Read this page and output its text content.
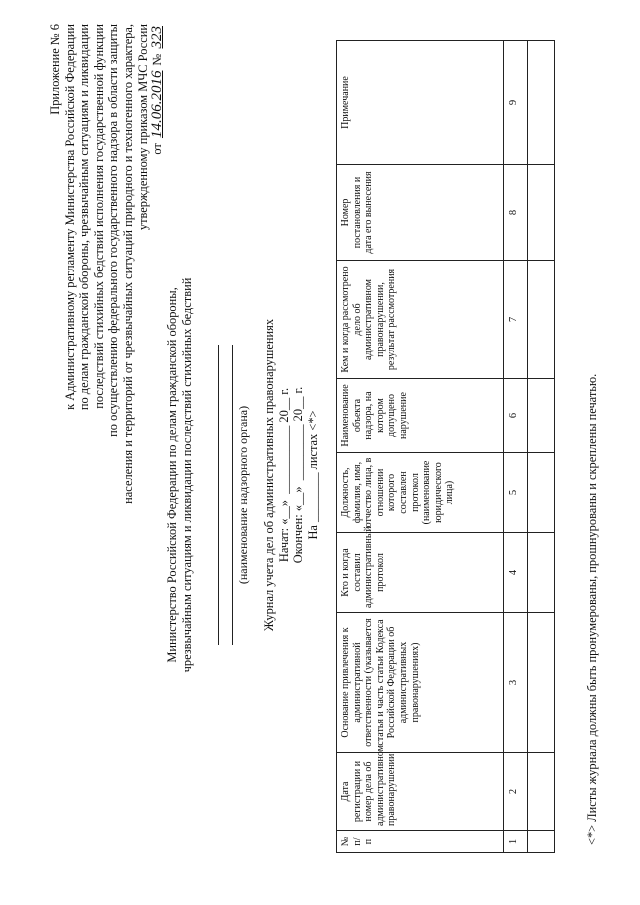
Приложение № 6 к Административному регламенту Министерства Российской Федерации по делам гражданской обороны, чрезвычайным ситуациям и ликвидации последствий стихийных бедствий исполнения государственной функции по осуществлению федерального государственного надзора в области защиты населения и территорий от чрезвычайных ситуаций природного и техногенного характера, утвержденному приказом МЧС России от 14.06.2016 № 323
Министерство Российской Федерации по делам гражданской обороны, чрезвычайным ситуациям и ликвидации последствий стихийных бедствий	(наименование надзорного органа) Журнал учета дел об административных правонарушениях Начат: «__»  ___________ 20__ г. Окончен: «__»  _________ 20__ г. На ________ листах <*>
№ п/п	Дата регистрации и номер дела об административном правонарушении	Основание привлечения к административной ответственности (указывается статья и часть статьи Кодекса Российской Федерации об административных правонарушениях)	Кто и когда составил административный протокол	Должность, фамилия, имя, отчество лица, в отношении которого составлен протокол (наименование юридического лица)	Наименование объекта надзора, на котором допущено нарушение	Кем и когда рассмотрено дело об административном правонарушении, результат рассмотрения	Номер постановления и дата его вынесения	Примечание
1	2	3	4	5	6	7	8	9

<*> Листы журнала должны быть пронумерованы, прошнурованы и скреплены печатью.
